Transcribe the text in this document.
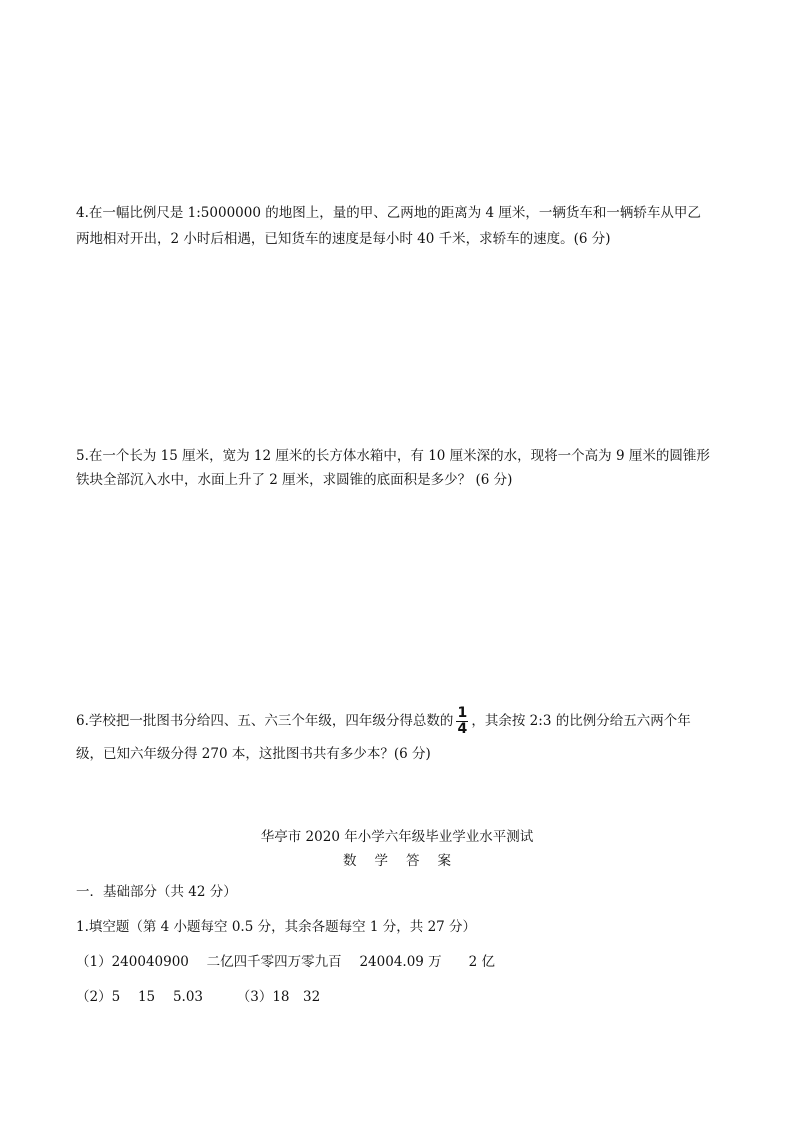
4.在一幅比例尺是 1:5000000 的地图上，量的甲、乙两地的距离为 4 厘米，一辆货车和一辆轿车从甲乙
两地相对开出，2 小时后相遇，已知货车的速度是每小时 40 千米，求轿车的速度。(6 分)
5.在一个长为 15 厘米，宽为 12 厘米的长方体水箱中，有 10 厘米深的水，现将一个高为 9 厘米的圆锥形
铁块全部沉入水中，水面上升了 2 厘米，求圆锥的底面积是多少？ (6 分)
6.学校把一批图书分给四、五、六三个年级，四年级分得总数的 $\frac{1}{4}$ ，其余按 2:3 的比例分给五六两个年
级，已知六年级分得 270 本，这批图书共有多少本？(6 分)
华亭市 2020 年小学六年级毕业学业水平测试
数学答案
一．基础部分（共 42 分）
1.填空题（第 4 小题每空 0.5 分，其余各题每空 1 分，共 27 分）
（1）240040900　 二亿四千零四万零九百　 24004.09 万　　2 亿
（2）5　 15　 5.03　　　（3）18　32
